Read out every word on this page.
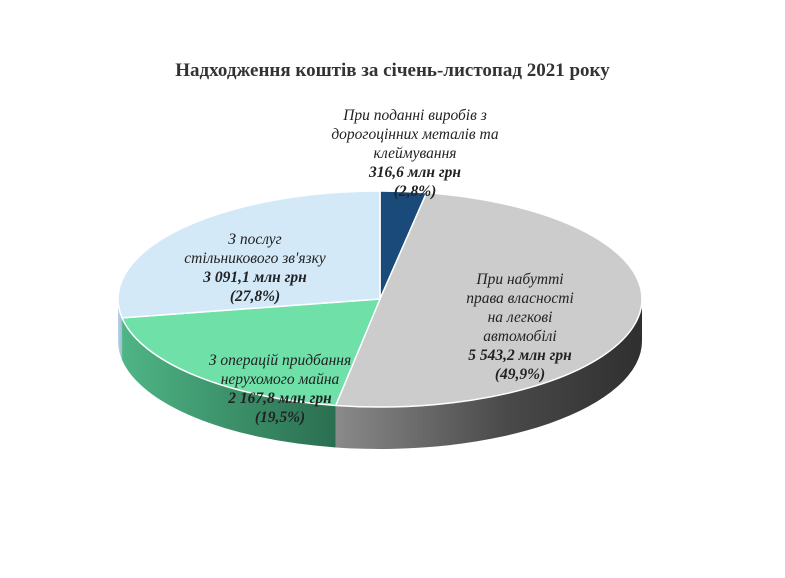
Надходження коштів за січень-листопад 2021 року
При поданні виробів з
дорогоцінних металів та
клеймування
316,6 млн грн
(2,8%)
При набутті
права власності
на легкові
автомобілі
5 543,2 млн грн
(49,9%)
З операцій придбання
нерухомого майна
2 167,8 млн грн
(19,5%)
З послуг
стільникового зв'язку
3 091,1 млн грн
(27,8%)
